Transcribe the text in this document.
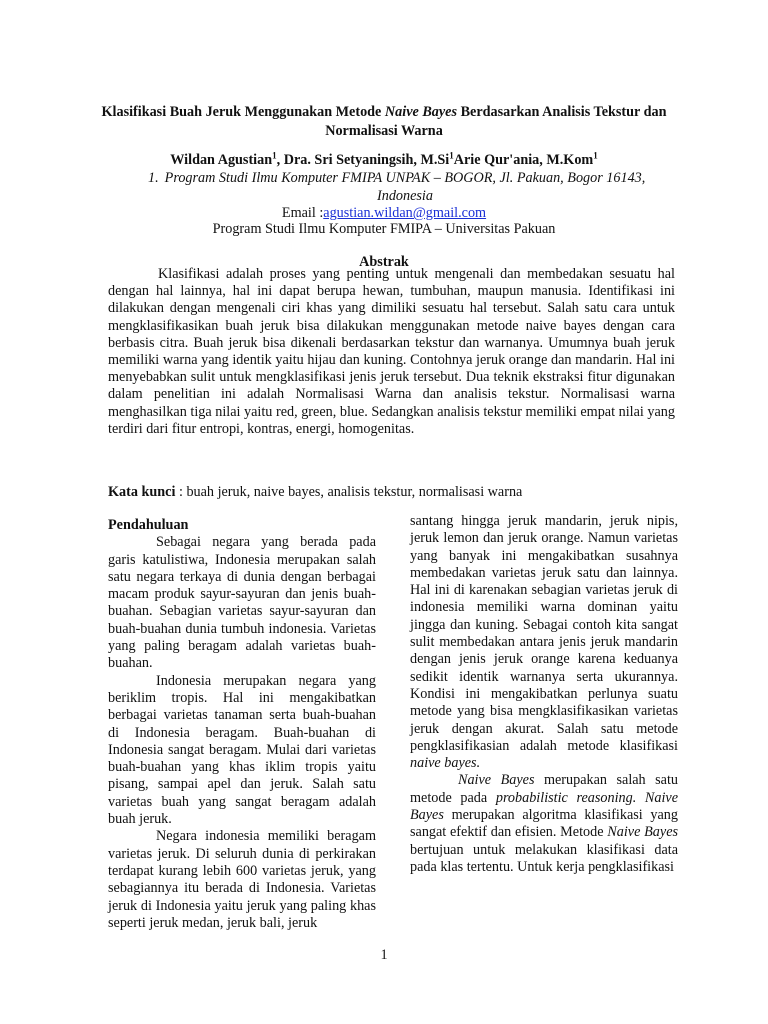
Klasifikasi Buah Jeruk Menggunakan Metode Naive Bayes Berdasarkan Analisis Tekstur dan Normalisasi Warna
Wildan Agustian$^1$, Dra. Sri Setyaningsih, M.Si$^1$Arie Qur'ania, M.Kom$^1$
1. Program Studi Ilmu Komputer FMIPA UNPAK – BOGOR, Jl. Pakuan, Bogor 16143, Indonesia
Email :agustian.wildan@gmail.com
Program Studi Ilmu Komputer FMIPA – Universitas Pakuan
Abstrak
Klasifikasi adalah proses yang penting untuk mengenali dan membedakan sesuatu hal dengan hal lainnya, hal ini dapat berupa hewan, tumbuhan, maupun manusia. Identifikasi ini dilakukan dengan mengenali ciri khas yang dimiliki sesuatu hal tersebut. Salah satu cara untuk mengklasifikasikan buah jeruk bisa dilakukan menggunakan metode naive bayes dengan cara berbasis citra. Buah jeruk bisa dikenali berdasarkan tekstur dan warnanya. Umumnya buah jeruk memiliki warna yang identik yaitu hijau dan kuning. Contohnya jeruk orange dan mandarin. Hal ini menyebabkan sulit untuk mengklasifikasi jenis jeruk tersebut. Dua teknik ekstraksi fitur digunakan dalam penelitian ini adalah Normalisasi Warna dan analisis tekstur. Normalisasi warna menghasilkan tiga nilai yaitu red, green, blue. Sedangkan analisis tekstur memiliki empat nilai yang terdiri dari fitur entropi, kontras, energi, homogenitas.
Kata kunci : buah jeruk, naive bayes, analisis tekstur, normalisasi warna

Pendahuluan

Sebagai negara yang berada pada garis katulistiwa, Indonesia merupakan salah satu negara terkaya di dunia dengan berbagai macam produk sayur-sayuran dan jenis buah-buahan. Sebagian varietas sayur-sayuran dan buah-buahan dunia tumbuh indonesia. Varietas yang paling beragam adalah varietas buah-buahan.

Indonesia merupakan negara yang beriklim tropis. Hal ini mengakibatkan berbagai varietas tanaman serta buah-buahan di Indonesia beragam. Buah-buahan di Indonesia sangat beragam. Mulai dari varietas buah-buahan yang khas iklim tropis yaitu pisang, sampai apel dan jeruk. Salah satu varietas buah yang sangat beragam adalah buah jeruk.

Negara indonesia memiliki beragam varietas jeruk. Di seluruh dunia di perkirakan terdapat kurang lebih 600 varietas jeruk, yang sebagiannya itu berada di Indonesia. Varietas jeruk di Indonesia yaitu jeruk yang paling khas seperti jeruk medan, jeruk bali, jeruk

santang hingga jeruk mandarin, jeruk nipis, jeruk lemon dan jeruk orange. Namun varietas yang banyak ini mengakibatkan susahnya membedakan varietas jeruk satu dan lainnya. Hal ini di karenakan sebagian varietas jeruk di indonesia memiliki warna dominan yaitu jingga dan kuning. Sebagai contoh kita sangat sulit membedakan antara jenis jeruk mandarin dengan jenis jeruk orange karena keduanya sedikit identik warnanya serta ukurannya. Kondisi ini mengakibatkan perlunya suatu metode yang bisa mengklasifikasikan varietas jeruk dengan akurat. Salah satu metode pengklasifikasian adalah metode klasifikasi naive bayes.

Naive Bayes merupakan salah satu metode pada probabilistic reasoning. Naive Bayes merupakan algoritma klasifikasi yang sangat efektif dan efisien. Metode Naive Bayes bertujuan untuk melakukan klasifikasi data pada klas tertentu. Untuk kerja pengklasifikasi

1
